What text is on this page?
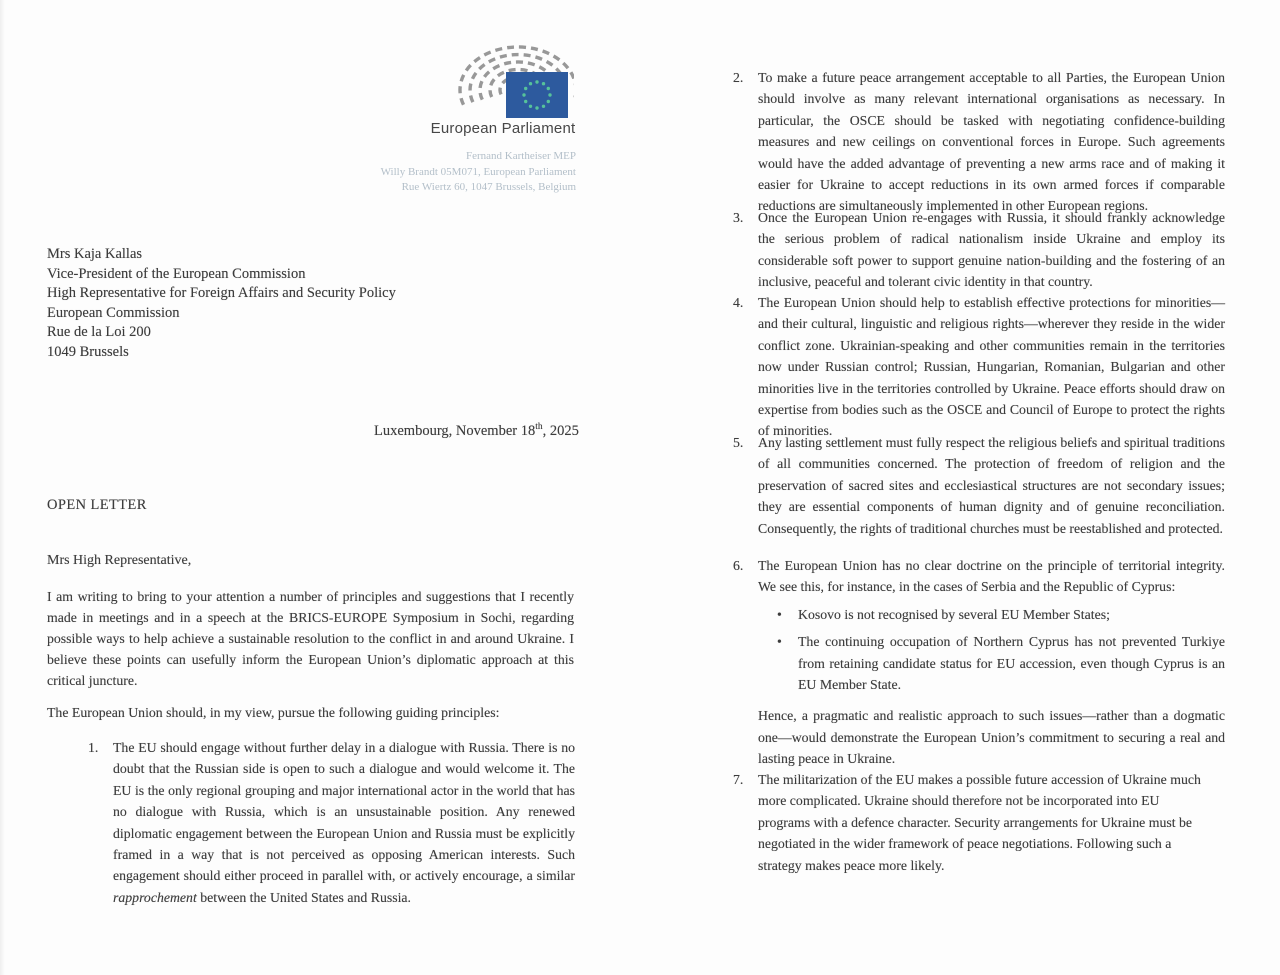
European Parliament
Fernand Kartheiser MEP
Willy Brandt 05M071, European Parliament
Rue Wiertz 60, 1047 Brussels, Belgium
Mrs Kaja Kallas
Vice-President of the European Commission
High Representative for Foreign Affairs and Security Policy
European Commission
Rue de la Loi 200
1049 Brussels
Luxembourg, November 18th, 2025
OPEN LETTER
Mrs High Representative,
I am writing to bring to your attention a number of principles and suggestions that I recently made in meetings and in a speech at the BRICS-EUROPE Symposium in Sochi, regarding possible ways to help achieve a sustainable resolution to the conflict in and around Ukraine. I believe these points can usefully inform the European Union’s diplomatic approach at this critical juncture.
The European Union should, in my view, pursue the following guiding principles:
1.	The EU should engage without further delay in a dialogue with Russia. There is no doubt that the Russian side is open to such a dialogue and would welcome it. The EU is the only regional grouping and major international actor in the world that has no dialogue with Russia, which is an unsustainable position. Any renewed diplomatic engagement between the European Union and Russia must be explicitly framed in a way that is not perceived as opposing American interests. Such engagement should either proceed in parallel with, or actively encourage, a similar rapprochement between the United States and Russia.
2.	To make a future peace arrangement acceptable to all Parties, the European Union should involve as many relevant international organisations as necessary. In particular, the OSCE should be tasked with negotiating confidence-building measures and new ceilings on conventional forces in Europe. Such agreements would have the added advantage of preventing a new arms race and of making it easier for Ukraine to accept reductions in its own armed forces if comparable reductions are simultaneously implemented in other European regions.
3.	Once the European Union re-engages with Russia, it should frankly acknowledge the serious problem of radical nationalism inside Ukraine and employ its considerable soft power to support genuine nation-building and the fostering of an inclusive, peaceful and tolerant civic identity in that country.
4.	The European Union should help to establish effective protections for minorities—and their cultural, linguistic and religious rights—wherever they reside in the wider conflict zone. Ukrainian-speaking and other communities remain in the territories now under Russian control; Russian, Hungarian, Romanian, Bulgarian and other minorities live in the territories controlled by Ukraine. Peace efforts should draw on expertise from bodies such as the OSCE and Council of Europe to protect the rights of minorities.
5.	Any lasting settlement must fully respect the religious beliefs and spiritual traditions of all communities concerned. The protection of freedom of religion and the preservation of sacred sites and ecclesiastical structures are not secondary issues; they are essential components of human dignity and of genuine reconciliation. Consequently, the rights of traditional churches must be reestablished and protected.
6.	The European Union has no clear doctrine on the principle of territorial integrity. We see this, for instance, in the cases of Serbia and the Republic of Cyprus:
• Kosovo is not recognised by several EU Member States;
• The continuing occupation of Northern Cyprus has not prevented Turkiye from retaining candidate status for EU accession, even though Cyprus is an EU Member State.
Hence, a pragmatic and realistic approach to such issues—rather than a dogmatic one—would demonstrate the European Union’s commitment to securing a real and lasting peace in Ukraine.
7.	The militarization of the EU makes a possible future accession of Ukraine much more complicated. Ukraine should therefore not be incorporated into EU programs with a defence character. Security arrangements for Ukraine must be negotiated in the wider framework of peace negotiations. Following such a strategy makes peace more likely.
